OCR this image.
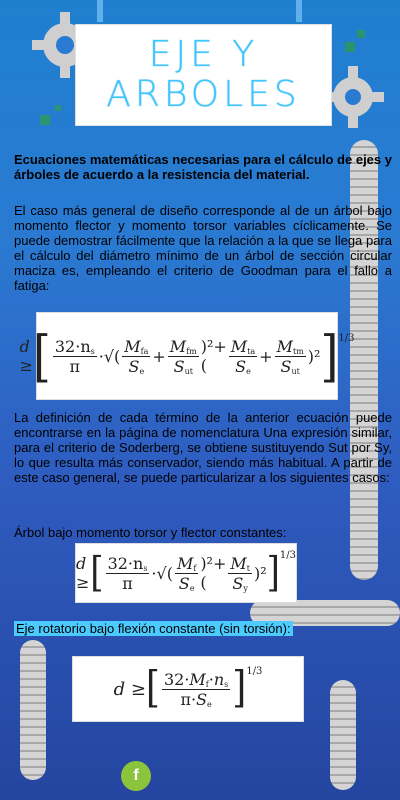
EJE Y
ARBOLES
Ecuaciones matemáticas necesarias para el cálculo de ejes y árboles de acuerdo a la resistencia del material.
El caso más general de diseño corresponde al de un árbol bajo momento flector y momento torsor variables cíclicamente. Se puede demostrar fácilmente que la relación a la que se llega para el cálculo del diámetro mínimo de un árbol de sección circular maciza es, empleando el criterio de Goodman para el fallo a fatiga:
d ≥ [ $\frac{32\cdot n_s}{\pi}$ ·√( $\frac{M_{fa}}{S_e} + \frac{M_{fm}}{S_{ut}} )^2+( \frac{M_{ta}}{S_e} + \frac{M_{tm}}{S_{ut}} )^2$ ] 1/3
La definición de cada término de la anterior ecuación puede encontrarse en la página de nomenclatura Una expresión similar, para el criterio de Soderberg, se obtiene sustituyendo Sut por Sy, lo que resulta más conservador, siendo más habitual. A partir de este caso general, se puede particularizar a los siguientes casos:
Árbol bajo momento torsor y flector constantes:
d ≥ [ $\frac{32\cdot n_s}{\pi}$ ·√( $\frac{M_f}{S_e} )^2+( \frac{M_t}{S_y} )^2$ ] 1/3
Eje rotatorio bajo flexión constante (sin torsión):
d ≥ [ $\frac{32\cdot M_f\cdot n_s}{\pi\cdot S_e}$ ] 1/3
f
